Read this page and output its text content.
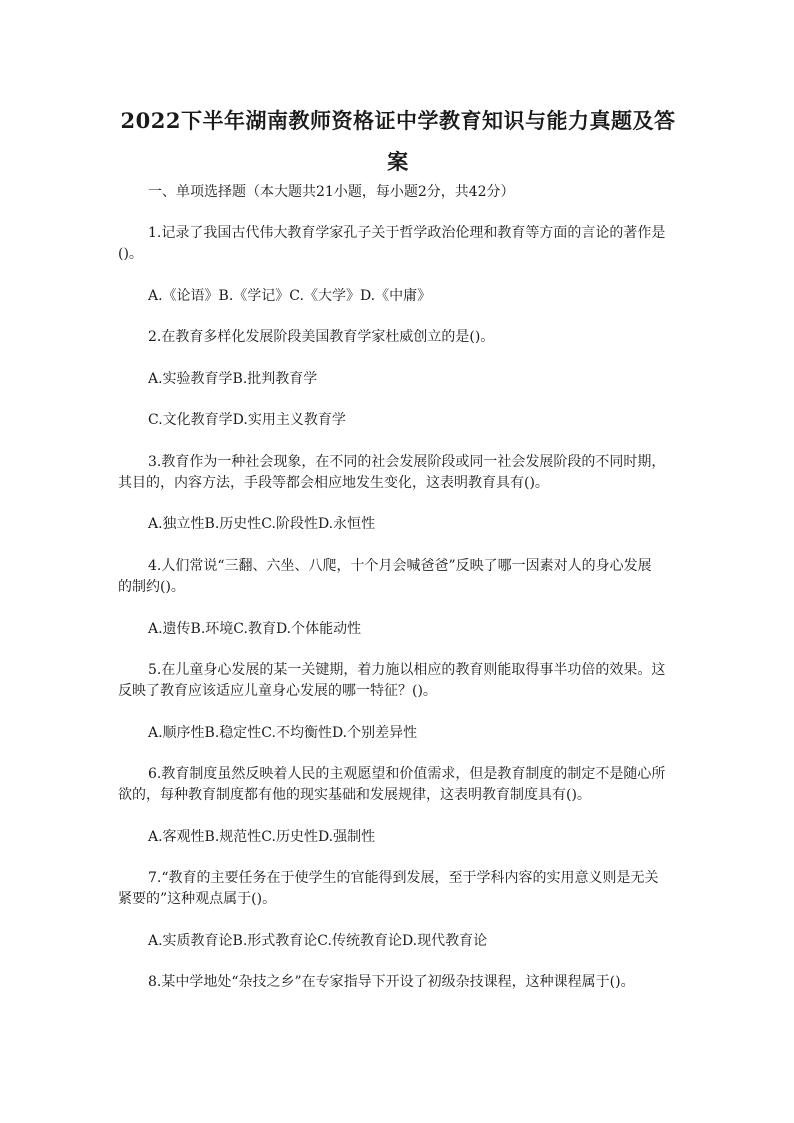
2022下半年湖南教师资格证中学教育知识与能力真题及答
案
一、单项选择题（本大题共21小题，每小题2分，共42分）
1.记录了我国古代伟大教育学家孔子关于哲学政治伦理和教育等方面的言论的著作是
()。
A.《论语》B.《学记》C.《大学》D.《中庸》
2.在教育多样化发展阶段美国教育学家杜威创立的是()。
A.实验教育学B.批判教育学
C.文化教育学D.实用主义教育学
3.教育作为一种社会现象，在不同的社会发展阶段或同一社会发展阶段的不同时期，
其目的，内容方法，手段等都会相应地发生变化，这表明教育具有()。
A.独立性B.历史性C.阶段性D.永恒性
4.人们常说“三翻、六坐、八爬，十个月会喊爸爸”反映了哪一因素对人的身心发展
的制约()。
A.遗传B.环境C.教育D.个体能动性
5.在儿童身心发展的某一关键期，着力施以相应的教育则能取得事半功倍的效果。这
反映了教育应该适应儿童身心发展的哪一特征？()。
A.顺序性B.稳定性C.不均衡性D.个别差异性
6.教育制度虽然反映着人民的主观愿望和价值需求，但是教育制度的制定不是随心所
欲的，每种教育制度都有他的现实基础和发展规律，这表明教育制度具有()。
A.客观性B.规范性C.历史性D.强制性
7.“教育的主要任务在于使学生的官能得到发展，至于学科内容的实用意义则是无关
紧要的”这种观点属于()。
A.实质教育论B.形式教育论C.传统教育论D.现代教育论
8.某中学地处“杂技之乡”在专家指导下开设了初级杂技课程，这种课程属于()。
